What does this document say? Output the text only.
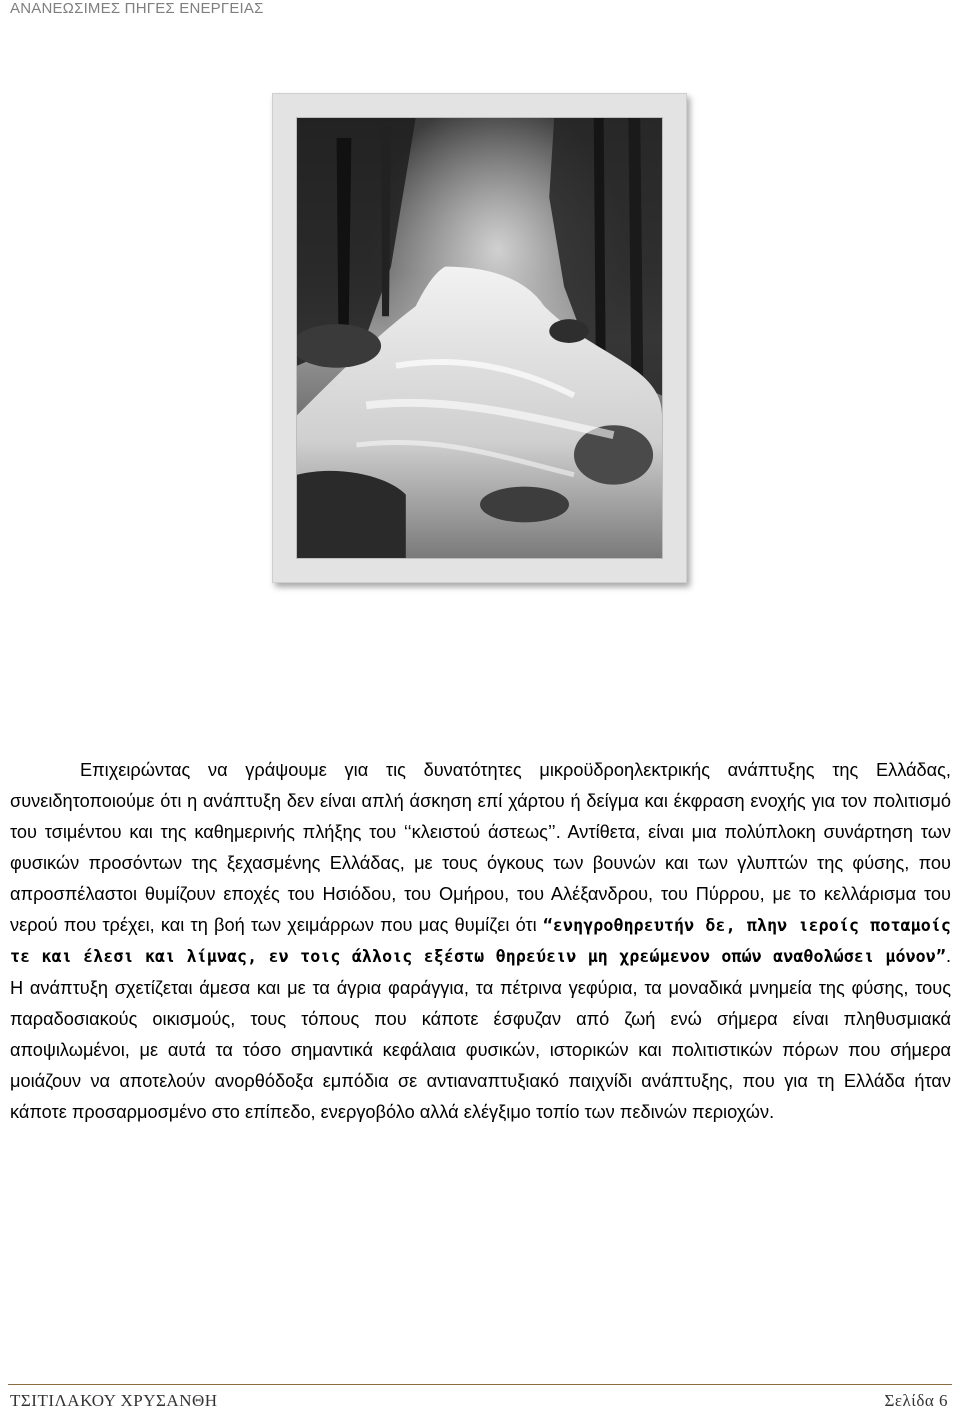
ΑΝΑΝΕΩΣΙΜΕΣ ΠΗΓΕΣ ΕΝΕΡΓΕΙΑΣ

Επιχειρώντας να γράψουμε για τις δυνατότητες μικροϋδροηλεκτρικής ανάπτυξης της Ελλάδας, συνειδητοποιούμε ότι η ανάπτυξη δεν είναι απλή άσκηση επί χάρτου ή δείγμα και έκφραση ενοχής για τον πολιτισμό του τσιμέντου και της καθημερινής πλήξης του ‘‘κλειστού άστεως’’. Αντίθετα, είναι μια πολύπλοκη συνάρτηση των φυσικών προσόντων της ξεχασμένης Ελλάδας, με τους όγκους των βουνών και των γλυπτών της φύσης, που απροσπέλαστοι θυμίζουν εποχές του Ησιόδου, του Ομήρου, του Αλέξανδρου, του Πύρρου, με το κελλάρισμα του νερού που τρέχει, και τη βοή των χειμάρρων που μας θυμίζει ότι “ενηγροθηρευτήν δε, πλην ιεροίς ποταμοίς τε και έλεσι και λίμνας, εν τοις άλλοις εξέστω θηρεύειν μη χρεώμενον οπών αναθολώσει μόνον”. Η ανάπτυξη σχετίζεται άμεσα και με τα άγρια φαράγγια, τα πέτρινα γεφύρια, τα μοναδικά μνημεία της φύσης, τους παραδοσιακούς οικισμούς, τους τόπους που κάποτε έσφυζαν από ζωή ενώ σήμερα είναι πληθυσμιακά αποψιλωμένοι, με αυτά τα τόσο σημαντικά κεφάλαια φυσικών, ιστορικών και πολιτιστικών πόρων που σήμερα μοιάζουν να αποτελούν ανορθόδοξα εμπόδια σε αντιαναπτυξιακό παιχνίδι ανάπτυξης, που για τη Ελλάδα ήταν κάποτε προσαρμοσμένο στο επίπεδο, ενεργοβόλο αλλά ελέγξιμο τοπίο των πεδινών περιοχών.

ΤΣΙΤΙΛΑΚΟΥ ΧΡΥΣΑΝΘΗ	Σελίδα 6
